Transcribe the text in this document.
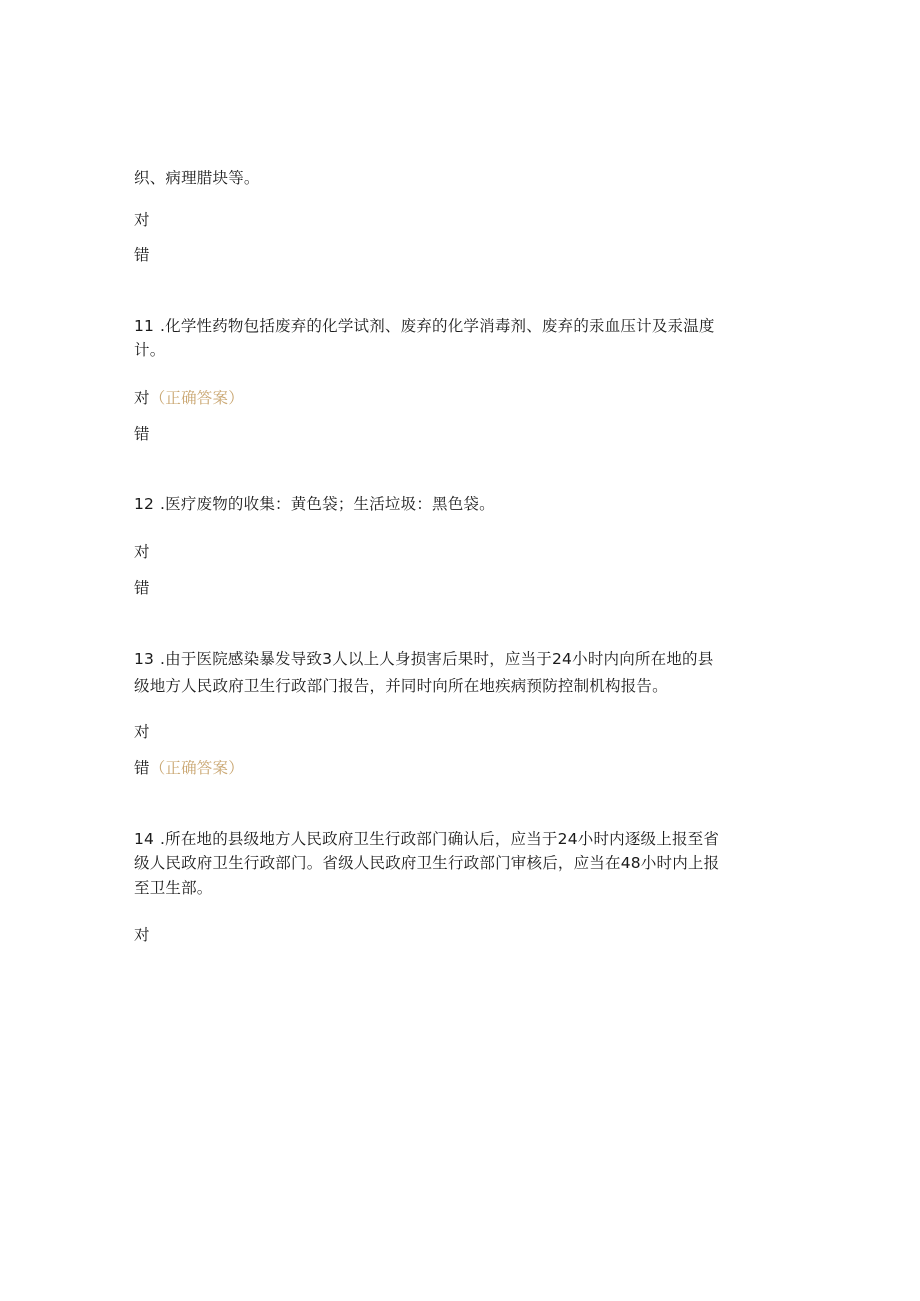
织、病理腊块等。
对
错
11 .化学性药物包括废弃的化学试剂、废弃的化学消毒剂、废弃的汞血压计及汞温度
计。
对（正确答案）
错
12 .医疗废物的收集：黄色袋；生活垃圾：黑色袋。
对
错
13 .由于医院感染暴发导致3人以上人身损害后果时，应当于24小时内向所在地的县
级地方人民政府卫生行政部门报告，并同时向所在地疾病预防控制机构报告。
对
错（正确答案）
14 .所在地的县级地方人民政府卫生行政部门确认后，应当于24小时内逐级上报至省
级人民政府卫生行政部门。省级人民政府卫生行政部门审核后，应当在48小时内上报
至卫生部。
对
